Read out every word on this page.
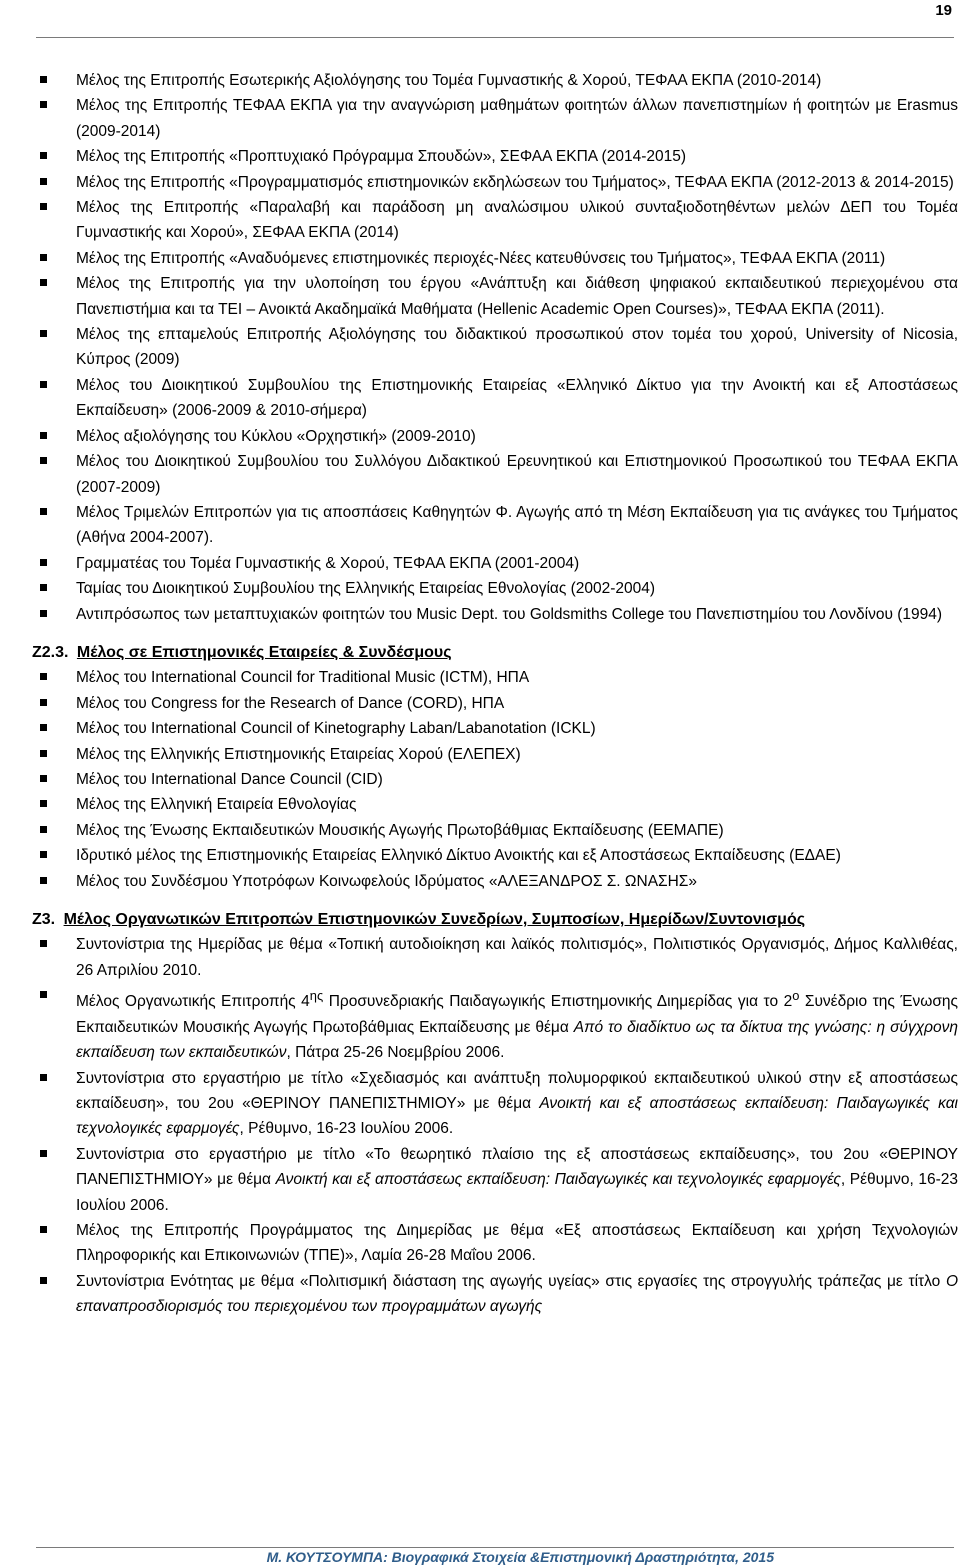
19
Μέλος της Επιτροπής Εσωτερικής Αξιολόγησης του Τομέα Γυμναστικής & Χορού, ΤΕΦΑΑ ΕΚΠΑ (2010-2014)
Μέλος της Επιτροπής ΤΕΦΑΑ ΕΚΠΑ για την αναγνώριση μαθημάτων φοιτητών άλλων πανεπιστημίων ή φοιτητών με Erasmus (2009-2014)
Μέλος της Επιτροπής «Προπτυχιακό Πρόγραμμα Σπουδών», ΣΕΦΑΑ ΕΚΠΑ (2014-2015)
Μέλος της Επιτροπής «Προγραμματισμός επιστημονικών εκδηλώσεων του Τμήματος», ΤΕΦΑΑ ΕΚΠΑ (2012-2013 & 2014-2015)
Μέλος της Επιτροπής «Παραλαβή και παράδοση μη αναλώσιμου υλικού συνταξιοδοτηθέντων μελών ΔΕΠ του Τομέα Γυμναστικής και Χορού», ΣΕΦΑΑ ΕΚΠΑ (2014)
Μέλος της Επιτροπής «Αναδυόμενες επιστημονικές περιοχές-Νέες κατευθύνσεις του Τμήματος», ΤΕΦΑΑ ΕΚΠΑ (2011)
Μέλος της Επιτροπής για την υλοποίηση του έργου «Ανάπτυξη και διάθεση ψηφιακού εκπαιδευτικού περιεχομένου στα Πανεπιστήμια και τα ΤΕΙ – Ανοικτά Ακαδημαϊκά Μαθήματα (Hellenic Academic Open Courses)», ΤΕΦΑΑ ΕΚΠΑ (2011).
Μέλος της επταμελούς Επιτροπής Αξιολόγησης του διδακτικού προσωπικού στον τομέα του χορού, University of Nicosia, Κύπρος (2009)
Μέλος του Διοικητικού Συμβουλίου της Επιστημονικής Εταιρείας «Ελληνικό Δίκτυο για την Ανοικτή και εξ Αποστάσεως Εκπαίδευση» (2006-2009 & 2010-σήμερα)
Μέλος αξιολόγησης του Κύκλου «Ορχηστική» (2009-2010)
Μέλος του Διοικητικού Συμβουλίου του Συλλόγου Διδακτικού Ερευνητικού και Επιστημονικού Προσωπικού του ΤΕΦΑΑ ΕΚΠΑ (2007-2009)
Μέλος Τριμελών Επιτροπών για τις αποσπάσεις Καθηγητών Φ. Αγωγής από τη Μέση Εκπαίδευση για τις ανάγκες του Τμήματος (Αθήνα 2004-2007).
Γραμματέας του Τομέα Γυμναστικής & Χορού, ΤΕΦΑΑ ΕΚΠΑ (2001-2004)
Ταμίας του Διοικητικού Συμβουλίου της Ελληνικής Εταιρείας Εθνολογίας (2002-2004)
Αντιπρόσωπος των μεταπτυχιακών φοιτητών του Music Dept. του Goldsmiths College του Πανεπιστημίου του Λονδίνου (1994)
Ζ2.3. Μέλος σε Επιστημονικές Εταιρείες & Συνδέσμους
Μέλος του International Council for Traditional Music (ICTM), ΗΠΑ
Μέλος του Congress for the Research of Dance (CORD), ΗΠΑ
Μέλος του International Council of Kinetography Laban/Labanotation (ICKL)
Μέλος της Ελληνικής Επιστημονικής Εταιρείας Χορού (ΕΛΕΠΕΧ)
Μέλος του International Dance Council (CID)
Μέλος της Ελληνική Εταιρεία Εθνολογίας
Μέλος της Ένωσης Εκπαιδευτικών Μουσικής Αγωγής Πρωτοβάθμιας Εκπαίδευσης (ΕΕΜΑΠΕ)
Ιδρυτικό μέλος της Επιστημονικής Εταιρείας Ελληνικό Δίκτυο Ανοικτής και εξ Αποστάσεως Εκπαίδευσης (ΕΔΑΕ)
Μέλος του Συνδέσμου Υποτρόφων Κοινωφελούς Ιδρύματος «ΑΛΕΞΑΝΔΡΟΣ Σ. ΩΝΑΣΗΣ»
Ζ3. Μέλος Οργανωτικών Επιτροπών Επιστημονικών Συνεδρίων, Συμποσίων, Ημερίδων/Συντονισμός
Συντονίστρια της Ημερίδας με θέμα «Τοπική αυτοδιοίκηση και λαϊκός πολιτισμός», Πολιτιστικός Οργανισμός, Δήμος Καλλιθέας, 26 Απριλίου 2010.
Μέλος Οργανωτικής Επιτροπής $4^{\eta\varsigma}$ Προσυνεδριακής Παιδαγωγικής Επιστημονικής Διημερίδας για το $2^o$ Συνέδριο της Ένωσης Εκπαιδευτικών Μουσικής Αγωγής Πρωτοβάθμιας Εκπαίδευσης με θέμα Από το διαδίκτυο ως τα δίκτυα της γνώσης: η σύγχρονη εκπαίδευση των εκπαιδευτικών, Πάτρα 25-26 Νοεμβρίου 2006.
Συντονίστρια στο εργαστήριο με τίτλο «Σχεδιασμός και ανάπτυξη πολυμορφικού εκπαιδευτικού υλικού στην εξ αποστάσεως εκπαίδευση», του 2ου «ΘΕΡΙΝΟΥ ΠΑΝΕΠΙΣΤΗΜΙΟΥ» με θέμα Ανοικτή και εξ αποστάσεως εκπαίδευση: Παιδαγωγικές και τεχνολογικές εφαρμογές, Ρέθυμνο, 16-23 Ιουλίου 2006.
Συντονίστρια στο εργαστήριο με τίτλο «Το θεωρητικό πλαίσιο της εξ αποστάσεως εκπαίδευσης», του 2ου «ΘΕΡΙΝΟΥ ΠΑΝΕΠΙΣΤΗΜΙΟΥ» με θέμα Ανοικτή και εξ αποστάσεως εκπαίδευση: Παιδαγωγικές και τεχνολογικές εφαρμογές, Ρέθυμνο, 16-23 Ιουλίου 2006.
Μέλος της Επιτροπής Προγράμματος της Διημερίδας με θέμα «Εξ αποστάσεως Εκπαίδευση και χρήση Τεχνολογιών Πληροφορικής και Επικοινωνιών (ΤΠΕ)», Λαμία 26-28 Μαΐου 2006.
Συντονίστρια Ενότητας με θέμα «Πολιτισμική διάσταση της αγωγής υγείας» στις εργασίες της στρογγυλής τράπεζας με τίτλο Ο επαναπροσδιορισμός του περιεχομένου των προγραμμάτων αγωγής
Μ. ΚΟΥΤΣΟΥΜΠΑ: Βιογραφικά Στοιχεία &Επιστημονική Δραστηριότητα, 2015
